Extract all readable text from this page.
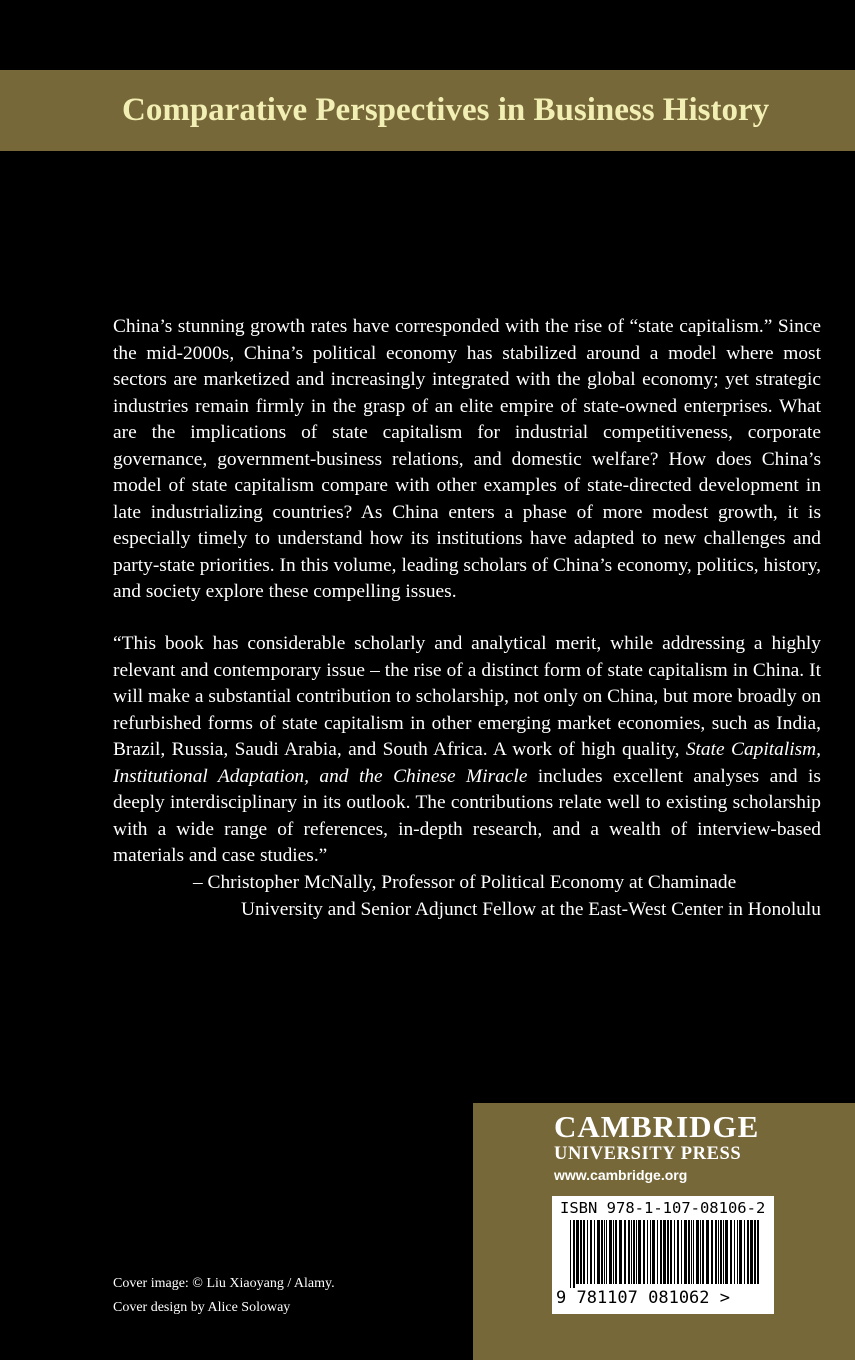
Comparative Perspectives in Business History

China’s stunning growth rates have corresponded with the rise of “state capitalism.” Since the mid-2000s, China’s political economy has stabilized around a model where most sectors are marketized and increasingly integrated with the global economy; yet strategic industries remain firmly in the grasp of an elite empire of state-owned enterprises. What are the implications of state capitalism for industrial competitiveness, corporate governance, government-business relations, and domestic welfare? How does China’s model of state capitalism compare with other examples of state-directed development in late industrializing countries? As China enters a phase of more modest growth, it is especially timely to understand how its institutions have adapted to new challenges and party-state priorities. In this volume, leading scholars of China’s economy, politics, history, and society explore these compelling issues.

“This book has considerable scholarly and analytical merit, while addressing a highly relevant and contemporary issue – the rise of a distinct form of state capitalism in China. It will make a substantial contribution to scholarship, not only on China, but more broadly on refurbished forms of state capitalism in other emerging market economies, such as India, Brazil, Russia, Saudi Arabia, and South Africa. A work of high quality, State Capitalism, Institutional Adaptation, and the Chinese Miracle includes excellent analyses and is deeply interdisciplinary in its outlook. The contributions relate well to existing scholarship with a wide range of references, in-depth research, and a wealth of interview-based materials and case studies.”

– Christopher McNally, Professor of Political Economy at Chaminade
University and Senior Adjunct Fellow at the East-West Center in Honolulu
Cover image: © Liu Xiaoyang / Alamy.
Cover design by Alice Soloway
CAMBRIDGE
UNIVERSITY PRESS
www.cambridge.org
ISBN 978-1-107-08106-2
9 781107 081062 >
